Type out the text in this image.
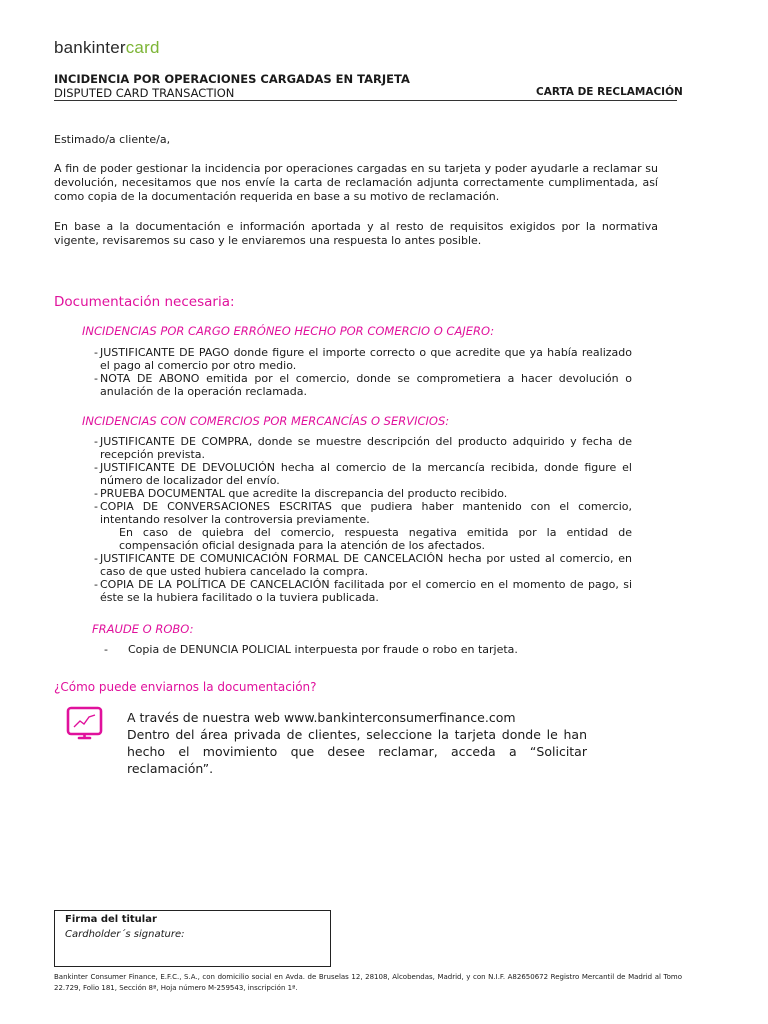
bankintercard
INCIDENCIA POR OPERACIONES CARGADAS EN TARJETA
DISPUTED CARD TRANSACTION	CARTA DE RECLAMACIÓN
Estimado/a cliente/a,
A fin de poder gestionar la incidencia por operaciones cargadas en su tarjeta y poder ayudarle a reclamar su devolución, necesitamos que nos envíe la carta de reclamación adjunta correctamente cumplimentada, así como copia de la documentación requerida en base a su motivo de reclamación.
En base a la documentación e información aportada y al resto de requisitos exigidos por la normativa vigente, revisaremos su caso y le enviaremos una respuesta lo antes posible.
Documentación necesaria:
INCIDENCIAS POR CARGO ERRÓNEO HECHO POR COMERCIO O CAJERO:
- JUSTIFICANTE DE PAGO donde figure el importe correcto o que acredite que ya había realizado el pago al comercio por otro medio.
- NOTA DE ABONO emitida por el comercio, donde se comprometiera a hacer devolución o anulación de la operación reclamada.
INCIDENCIAS CON COMERCIOS POR MERCANCÍAS O SERVICIOS:
- JUSTIFICANTE DE COMPRA, donde se muestre descripción del producto adquirido y fecha de recepción prevista.
- JUSTIFICANTE DE DEVOLUCIÓN hecha al comercio de la mercancía recibida, donde figure el número de localizador del envío.
- PRUEBA DOCUMENTAL que acredite la discrepancia del producto recibido.
- COPIA DE CONVERSACIONES ESCRITAS que pudiera haber mantenido con el comercio, intentando resolver la controversia previamente.
En caso de quiebra del comercio, respuesta negativa emitida por la entidad de compensación oficial designada para la atención de los afectados.
- JUSTIFICANTE DE COMUNICACIÓN FORMAL DE CANCELACIÓN hecha por usted al comercio, en caso de que usted hubiera cancelado la compra.
- COPIA DE LA POLÍTICA DE CANCELACIÓN facilitada por el comercio en el momento de pago, si éste se la hubiera facilitado o la tuviera publicada.
FRAUDE O ROBO:
- Copia de DENUNCIA POLICIAL interpuesta por fraude o robo en tarjeta.
¿Cómo puede enviarnos la documentación?
A través de nuestra web www.bankinterconsumerfinance.com
Dentro del área privada de clientes, seleccione la tarjeta donde le han hecho el movimiento que desee reclamar, acceda a “Solicitar reclamación”.
Firma del titular
Cardholder´s signature:
Bankinter Consumer Finance, E.F.C., S.A., con domicilio social en Avda. de Bruselas 12, 28108, Alcobendas, Madrid, y con N.I.F. A82650672 Registro Mercantil de Madrid al Tomo 22.729, Folio 181, Sección 8ª, Hoja número M-259543, inscripción 1ª.
